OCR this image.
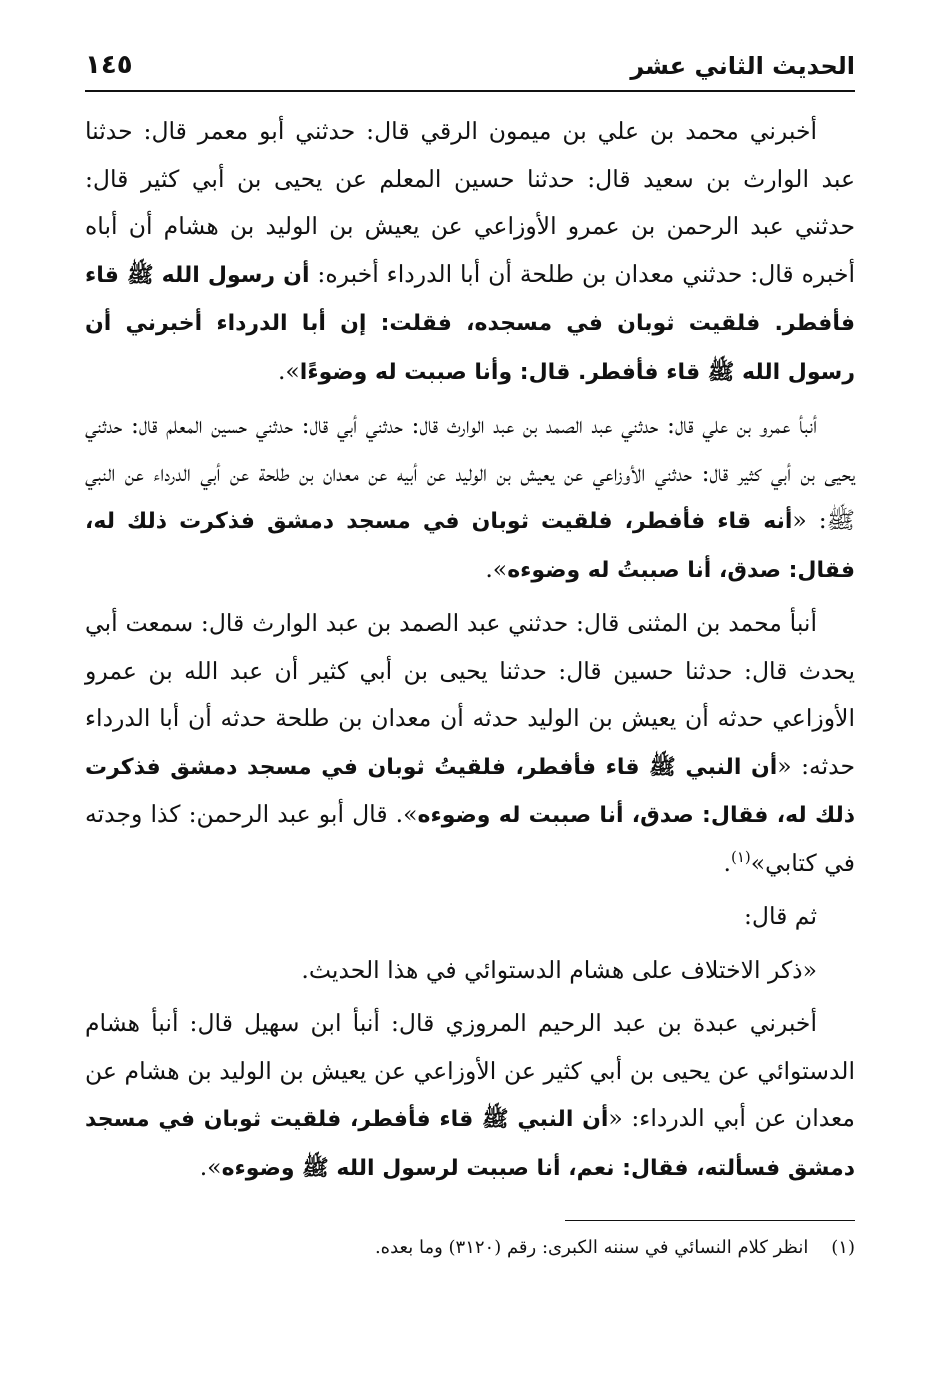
الحديث الثاني عشر
١٤٥

أخبرني محمد بن علي بن ميمون الرقي قال: حدثني أبو معمر قال: حدثنا عبد الوارث بن سعيد قال: حدثنا حسين المعلم عن يحيى بن أبي كثير قال: حدثني عبد الرحمن بن عمرو الأوزاعي عن يعيش بن الوليد بن هشام أن أباه أخبره قال: حدثني معدان بن طلحة أن أبا الدرداء أخبره: أن رسول الله ﷺ قاء فأفطر. فلقيت ثوبان في مسجده، فقلت: إن أبا الدرداء أخبرني أن رسول الله ﷺ قاء فأفطر. قال: وأنا صببت له وضوءًا».

أنبأ عمرو بن علي قال: حدثني عبد الصمد بن عبد الوارث قال: حدثني أبي قال: حدثني حسين المعلم قال: حدثني يحيى بن أبي كثير قال: حدثني الأوزاعي عن يعيش بن الوليد عن أبيه عن معدان بن طلحة عن أبي الدرداء عن النبي ﷺ: «أنه قاء فأفطر، فلقيت ثوبان في مسجد دمشق فذكرت ذلك له، فقال: صدق، أنا صببتُ له وضوءه».

أنبأ محمد بن المثنى قال: حدثني عبد الصمد بن عبد الوارث قال: سمعت أبي يحدث قال: حدثنا حسين قال: حدثنا يحيى بن أبي كثير أن عبد الله بن عمرو الأوزاعي حدثه أن يعيش بن الوليد حدثه أن معدان بن طلحة حدثه أن أبا الدرداء حدثه: «أن النبي ﷺ قاء فأفطر، فلقيتُ ثوبان في مسجد دمشق فذكرت ذلك له، فقال: صدق، أنا صببت له وضوءه». قال أبو عبد الرحمن: كذا وجدته في كتابي»$^{(١)}$.

ثم قال:

«ذكر الاختلاف على هشام الدستوائي في هذا الحديث.

أخبرني عبدة بن عبد الرحيم المروزي قال: أنبأ ابن سهيل قال: أنبأ هشام الدستوائي عن يحيى بن أبي كثير عن الأوزاعي عن يعيش بن الوليد بن هشام عن معدان عن أبي الدرداء: «أن النبي ﷺ قاء فأفطر، فلقيت ثوبان في مسجد دمشق فسألته، فقال: نعم، أنا صببت لرسول الله ﷺ وضوءه».

(١)    انظر كلام النسائي في سننه الكبرى: رقم (٣١٢٠) وما بعده.
